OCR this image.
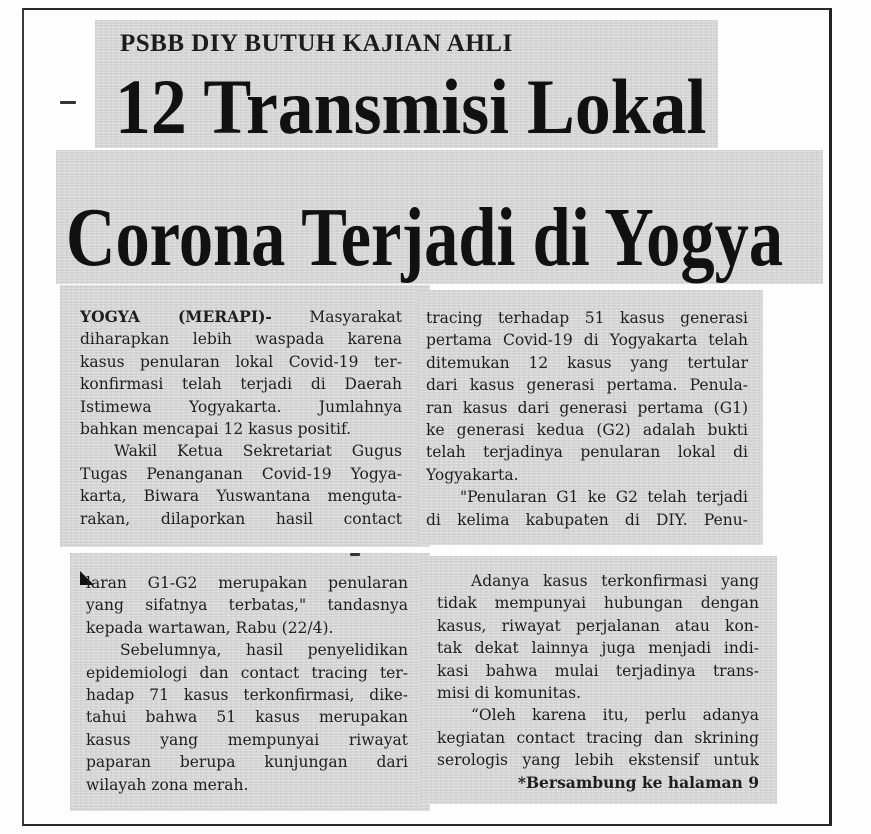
PSBB DIY BUTUH KAJIAN AHLI
12 Transmisi Lokal
Corona Terjadi di Yogya
YOGYA (MERAPI)- Masyarakat
diharapkan lebih waspada karena
kasus penularan lokal Covid-19 ter-
konfirmasi telah terjadi di Daerah
Istimewa Yogyakarta. Jumlahnya
bahkan mencapai 12 kasus positif.
Wakil Ketua Sekretariat Gugus
Tugas Penanganan Covid-19 Yogya-
karta, Biwara Yuswantana menguta-
rakan, dilaporkan hasil contact
tracing terhadap 51 kasus generasi
pertama Covid-19 di Yogyakarta telah
ditemukan 12 kasus yang tertular
dari kasus generasi pertama. Penula-
ran kasus dari generasi pertama (G1)
ke generasi kedua (G2) adalah bukti
telah terjadinya penularan lokal di
Yogyakarta.
"Penularan G1 ke G2 telah terjadi
di kelima kabupaten di DIY. Penu-
laran G1-G2 merupakan penularan
yang sifatnya terbatas," tandasnya
kepada wartawan, Rabu (22/4).
Sebelumnya, hasil penyelidikan
epidemiologi dan contact tracing ter-
hadap 71 kasus terkonfirmasi, dike-
tahui bahwa 51 kasus merupakan
kasus yang mempunyai riwayat
paparan berupa kunjungan dari
wilayah zona merah.
Adanya kasus terkonfirmasi yang
tidak mempunyai hubungan dengan
kasus, riwayat perjalanan atau kon-
tak dekat lainnya juga menjadi indi-
kasi bahwa mulai terjadinya trans-
misi di komunitas.
“Oleh karena itu, perlu adanya
kegiatan contact tracing dan skrining
serologis yang lebih ekstensif untuk
*Bersambung ke halaman 9
